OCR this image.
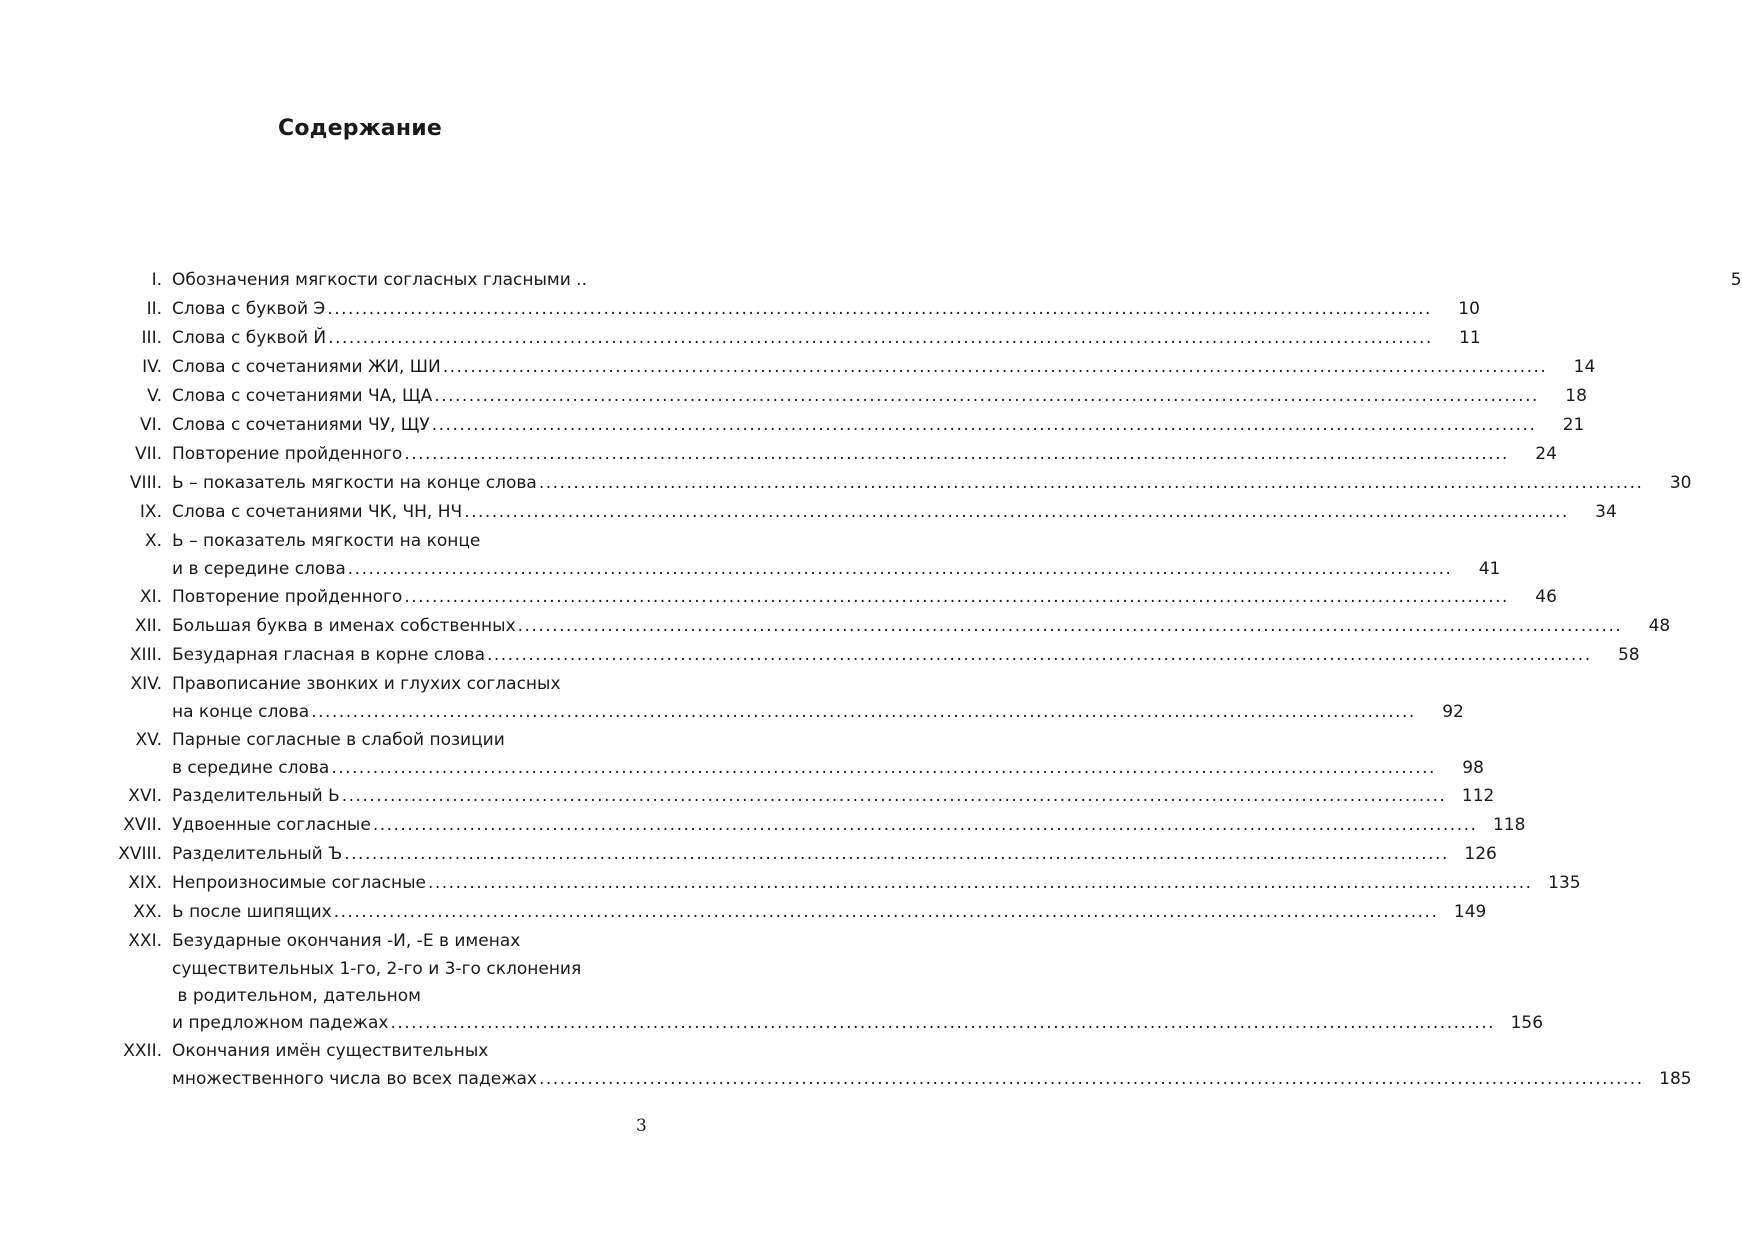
Содержание
I. Обозначения мягкости согласных гласными ..	5
II. Слова с буквой Э .....	10
III. Слова с буквой Й .....	11
IV. Слова с сочетаниями ЖИ, ШИ .....	14
V. Слова с сочетаниями ЧА, ЩА .....	18
VI. Слова с сочетаниями ЧУ, ЩУ .....	21
VII. Повторение пройденного .....	24
VIII. Ь – показатель мягкости на конце слова .....	30
IX. Слова с сочетаниями ЧК, ЧН, НЧ .....	34
X. Ь – показатель мягкости на конце
и в середине слова .....	41
XI. Повторение пройденного .....	46
XII. Большая буква в именах собственных .....	48
XIII. Безударная гласная в корне слова .....	58
XIV. Правописание звонких и глухих согласных
на конце слова .....	92
XV. Парные согласные в слабой позиции
в середине слова .....	98
XVI. Разделительный Ь .....	112
XVII. Удвоенные согласные .....	118
XVIII. Разделительный Ъ .....	126
XIX. Непроизносимые согласные .....	135
XX. Ь после шипящих .....	149
XXI. Безударные окончания -И, -Е в именах
существительных 1-го, 2-го и 3-го склонения
в родительном, дательном
и предложном падежах .....	156
XXII. Окончания имён существительных
множественного числа во всех падежах .....	185
3
